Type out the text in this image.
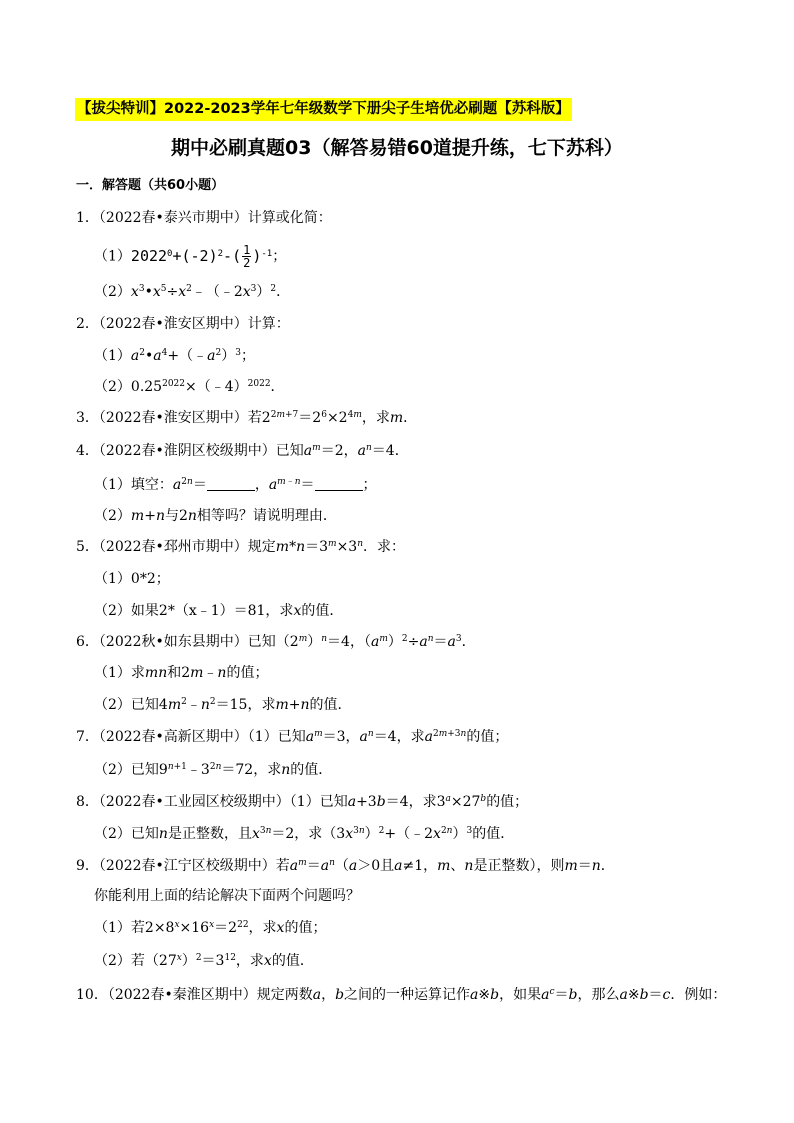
【拔尖特训】2022-2023学年七年级数学下册尖子生培优必刷题【苏科版】
期中必刷真题03（解答易错60道提升练，七下苏科）
一．解答题（共60小题）
1．（2022春•泰兴市期中）计算或化简：
$(1)2022^0+(-2)^2-( \frac{1}{2} )^{-1}$；
$(2)x^3•x^5\div x^2﹣(﹣2x^3)^2$．
2．（2022春•淮安区期中）计算：
$(1)a^2•a^4+(﹣a^2)^3$；
$(2)0.25^{2022}\times(﹣4)^{2022}$．
3．（2022春•淮安区期中）若$2^{2m+7}=2^6\times 2^{4m}$，求m．
4．（2022春•淮阴区校级期中）已知$a^m=2$，$a^n=4$．
（1）填空：$a^{2n}=$	，$a^{m﹣n}=$	；
（2）m+n与2n相等吗？请说明理由．
5．（2022春•邳州市期中）规定$m*n=3^m\times 3^n$．求：
（1）0*2；
（2）如果2*（x﹣1）＝81，求x的值．
6．（2022秋•如东县期中）已知$(2^m)^n=4$，$(a^m)^2\div a^n=a^3$．
（1）求mn和2m﹣n的值；
（2）已知$4m^2﹣n^2=15$，求m+n的值．
7．（2022春•高新区期中）（1）已知$a^m=3$，$a^n=4$，求$a^{2m+3n}$的值；
（2）已知$9^{n+1}﹣3^{2n}=72$，求n的值．
8．（2022春•工业园区校级期中）（1）已知a+3b＝4，求$3^a\times 27^b$的值；
（2）已知n是正整数，且$x^{3n}=2$，求$(3x^{3n})^2+(﹣2x^{2n})^3$的值．
9．（2022春•江宁区校级期中）若$a^m=a^n(a>0$且a≠1，m、n是正整数），则m＝n．
你能利用上面的结论解决下面两个问题吗？
（1）若$2\times 8^x\times 16^x=2^{22}$，求x的值；
（2）若$(27^x)^2=3^{12}$，求x的值．
10．（2022春•秦淮区期中）规定两数a，b之间的一种运算记作a※b，如果$a^c=b$，那么a※b＝c．例如：
